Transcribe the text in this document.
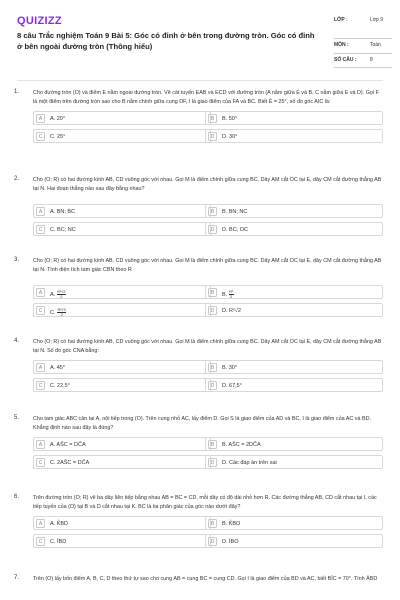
QUIZIZZ
8 câu Trắc nghiệm Toán 9 Bài 5: Góc có đỉnh ở bên trong đường tròn. Góc có đỉnh ở bên ngoài đường tròn (Thông hiểu)
LỚP :	Lớp 9
MÔN :	Toán
SỐ CÂU :	8
1.	Cho đường tròn (O) và điểm E nằm ngoài đường tròn. Vẽ cát tuyến EAB và ECD với đường tròn (A nằm giữa E và B, C nằm giữa E và D). Gọi F là một điểm trên đường tròn sao cho B nằm chính giữa cung DF, I là giao điểm của FA và BC. Biết Ê = 25°, số đo góc AIC là:
A	A. 20°	B	B. 50°
C	C. 25°	D	D. 30°
2.	Cho (O; R) có hai đường kính AB, CD vuông góc với nhau. Gọi M là điểm chính giữa cung BC. Dây AM cắt OC tại E, dây CM cắt đường thẳng AB tại N. Hai đoạn thẳng nào sau đây bằng nhau?
A	A. BN; BC	B	B. BN; NC
C	C. BC; NC	D	D. BC; OC
3.	Cho (O; R) có hai đường kính AB, CD vuông góc với nhau. Gọi M là điểm chính giữa cung BC. Dây AM cắt OC tại E, dây CM cắt đường thẳng AB tại N. Tính diện tích tam giác CBN theo R
A	A. $\frac{\text{R²√2}}{2}$	B	B. $\frac{\text{R²}}{2}$
C	C. $\frac{\text{R²√3}}{2}$	D	D. R²√2
4.	Cho (O; R) có hai đường kính AB, CD vuông góc với nhau. Gọi M là điểm chính giữa cung BC. Dây AM cắt OC tại E, dây CM cắt đường thẳng AB tại N. Số đo góc CNA bằng:
A	A. 45°	B	B. 30°
C	C. 22,5°	D	D. 67,5°
5.	Cho tam giác ABC cân tại A, nội tiếp trong (O). Trên cung nhỏ AC, lấy điểm D. Gọi S là giao điểm của AD và BC, I là giao điểm của AC và BD. Khẳng định nào sau đây là đúng?
A	A. AŜC = DĈA	B	B. AŜC = 2DĈA
C	C. 2AŜC = DĈA	D	D. Các đáp án trên sai
6.	Trên đường tròn (O; R) vẽ ba dây liên tiếp bằng nhau AB = BC = CD, mỗi dây có độ dài nhỏ hơn R. Các đường thẳng AB, CD cắt nhau tại I, các tiếp tuyến của (O) tại B và D cắt nhau tại K. BC là tia phân giác của góc nào dưới đây?
A	A. K̂BD	B	B. K̂BO
C	C. ÎBD	D	D. ÎBO
7.	Trên (O) lấy bốn điểm A, B, C, D theo thứ tự sao cho cung AB = cung BC = cung CD. Gọi I là giao điểm của BD và AC, biết BÎC = 70°. Tính ÂBD
